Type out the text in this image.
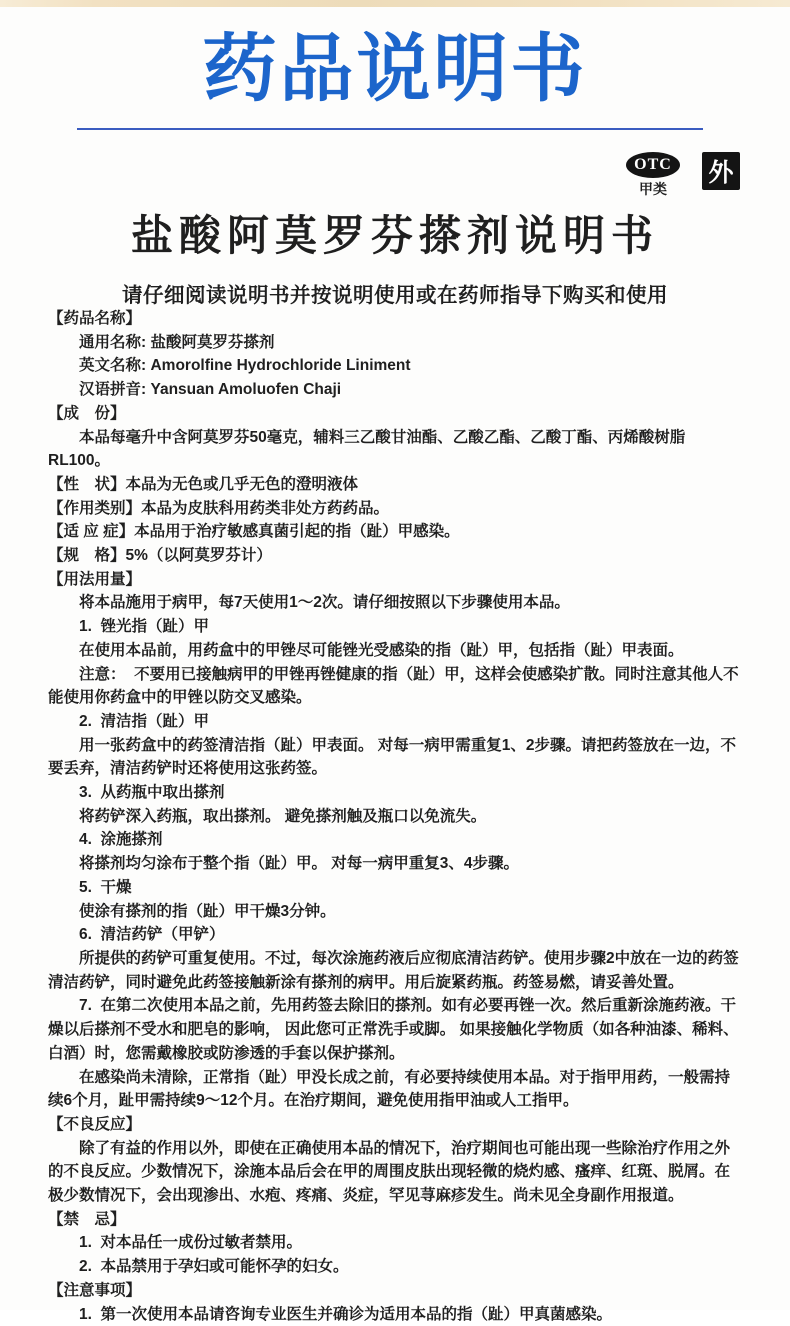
药品说明书
OTC
甲类
外
盐酸阿莫罗芬搽剂说明书

请仔细阅读说明书并按说明使用或在药师指导下购买和使用

【药品名称】

通用名称: 盐酸阿莫罗芬搽剂

英文名称: Amorolfine Hydrochloride Liniment

汉语拼音: Yansuan Amoluofen Chaji

【成　份】

本品每毫升中含阿莫罗芬50毫克，辅料三乙酸甘油酯、乙酸乙酯、乙酸丁酯、丙烯酸树脂RL100。

【性　状】本品为无色或几乎无色的澄明液体

【作用类别】本品为皮肤科用药类非处方药药品。

【适 应 症】本品用于治疗敏感真菌引起的指（趾）甲感染。

【规　格】5%（以阿莫罗芬计）

【用法用量】

将本品施用于病甲，每7天使用1～2次。请仔细按照以下步骤使用本品。

1.  锉光指（趾）甲

在使用本品前，用药盒中的甲锉尽可能锉光受感染的指（趾）甲，包括指（趾）甲表面。

注意：  不要用已接触病甲的甲锉再锉健康的指（趾）甲，这样会使感染扩散。同时注意其他人不能使用你药盒中的甲锉以防交叉感染。

2.  清洁指（趾）甲

用一张药盒中的药签清洁指（趾）甲表面。 对每一病甲需重复1、2步骤。请把药签放在一边，不要丢弃，清洁药铲时还将使用这张药签。

3.  从药瓶中取出搽剂

将药铲深入药瓶，取出搽剂。 避免搽剂触及瓶口以免流失。

4.  涂施搽剂

将搽剂均匀涂布于整个指（趾）甲。 对每一病甲重复3、4步骤。

5.  干燥

使涂有搽剂的指（趾）甲干燥3分钟。

6.  清洁药铲（甲铲）

所提供的药铲可重复使用。不过，每次涂施药液后应彻底清洁药铲。使用步骤2中放在一边的药签清洁药铲，同时避免此药签接触新涂有搽剂的病甲。用后旋紧药瓶。药签易燃，请妥善处置。

7.  在第二次使用本品之前，先用药签去除旧的搽剂。如有必要再锉一次。然后重新涂施药液。干燥以后搽剂不受水和肥皂的影响， 因此您可正常洗手或脚。 如果接触化学物质（如各种油漆、稀料、白酒）时，您需戴橡胶或防渗透的手套以保护搽剂。

在感染尚未清除，正常指（趾）甲没长成之前，有必要持续使用本品。对于指甲用药，一般需持续6个月，趾甲需持续9～12个月。在治疗期间，避免使用指甲油或人工指甲。

【不良反应】

除了有益的作用以外，即使在正确使用本品的情况下，治疗期间也可能出现一些除治疗作用之外的不良反应。少数情况下，涂施本品后会在甲的周围皮肤出现轻微的烧灼感、瘙痒、红斑、脱屑。在极少数情况下，会出现渗出、水疱、疼痛、炎症，罕见荨麻疹发生。尚未见全身副作用报道。

【禁　忌】

1.  对本品任一成份过敏者禁用。

2.  本品禁用于孕妇或可能怀孕的妇女。

【注意事项】

1.  第一次使用本品请咨询专业医生并确诊为适用本品的指（趾）甲真菌感染。
